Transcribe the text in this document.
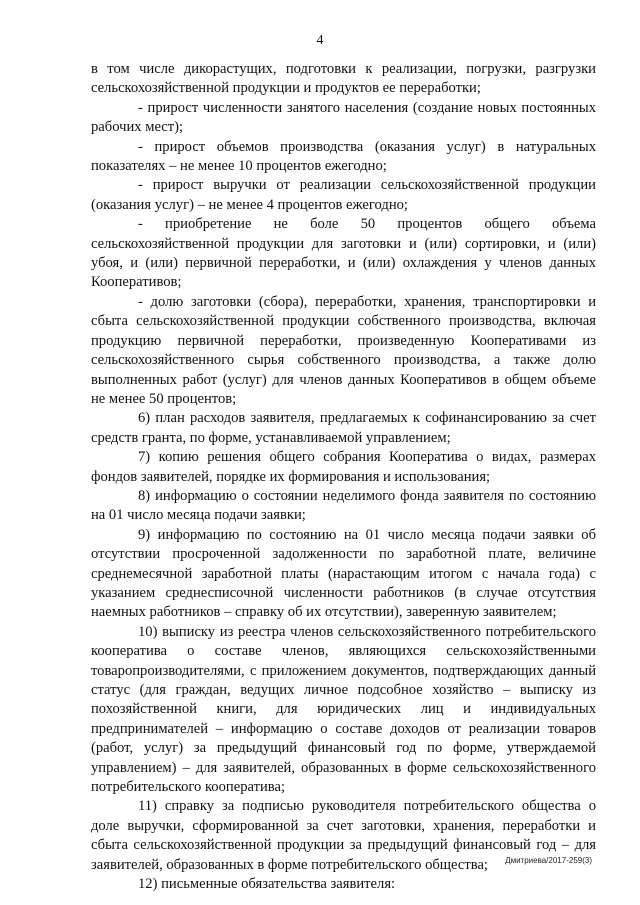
4

в том числе дикорастущих, подготовки к реализации, погрузки, разгрузки сельскохозяйственной продукции и продуктов ее переработки;

- прирост численности занятого населения (создание новых постоянных рабочих мест);

- прирост объемов производства (оказания услуг) в натуральных показателях – не менее 10 процентов ежегодно;

- прирост выручки от реализации сельскохозяйственной продукции (оказания услуг) – не менее 4 процентов ежегодно;

- приобретение не боле 50 процентов общего объема сельскохозяйственной продукции для заготовки и (или) сортировки, и (или) убоя, и (или) первичной переработки, и (или) охлаждения у членов данных Кооперативов;

- долю заготовки (сбора), переработки, хранения, транспортировки и сбыта сельскохозяйственной продукции собственного производства, включая продукцию первичной переработки, произведенную Кооперативами из сельскохозяйственного сырья собственного производства, а также долю выполненных работ (услуг) для членов данных Кооперативов в общем объеме не менее 50 процентов;

6) план расходов заявителя, предлагаемых к софинансированию за счет средств гранта, по форме, устанавливаемой управлением;

7) копию решения общего собрания Кооператива о видах, размерах фондов заявителей, порядке их формирования и использования;

8) информацию о состоянии неделимого фонда заявителя по состоянию на 01 число месяца подачи заявки;

9) информацию по состоянию на 01 число месяца подачи заявки об отсутствии просроченной задолженности по заработной плате, величине среднемесячной заработной платы (нарастающим итогом с начала года) с указанием среднесписочной численности работников (в случае отсутствия наемных работников – справку об их отсутствии), заверенную заявителем;

10) выписку из реестра членов сельскохозяйственного потребительского кооператива о составе членов, являющихся сельскохозяйственными товаропроизводителями, с приложением документов, подтверждающих данный статус (для граждан, ведущих личное подсобное хозяйство – выписку из похозяйственной книги, для юридических лиц и индивидуальных предпринимателей – информацию о составе доходов от реализации товаров (работ, услуг) за предыдущий финансовый год по форме, утверждаемой управлением) – для заявителей, образованных в форме сельскохозяйственного потребительского кооператива;

11) справку за подписью руководителя потребительского общества о доле выручки, сформированной за счет заготовки, хранения, переработки и сбыта сельскохозяйственной продукции за предыдущий финансовый год – для заявителей, образованных в форме потребительского общества;

12) письменные обязательства заявителя:

Дмитриева/2017-259(3)
